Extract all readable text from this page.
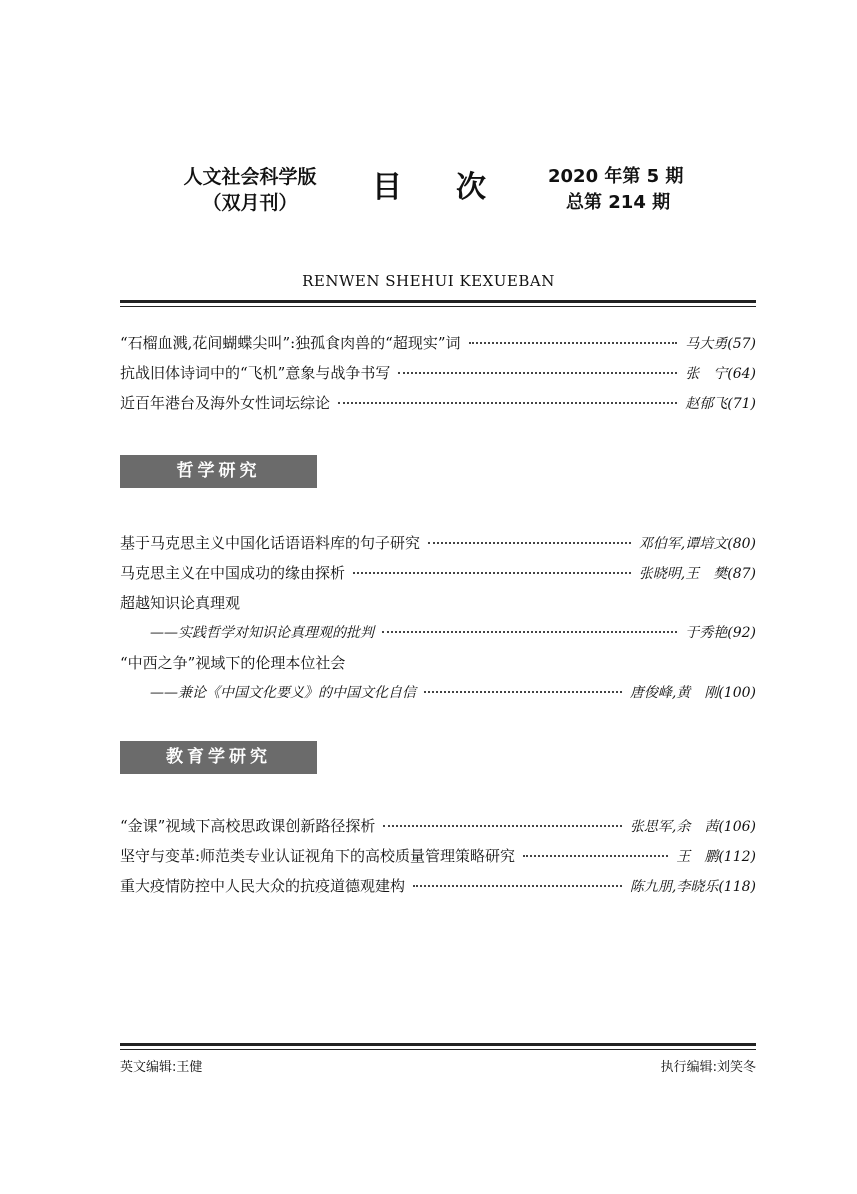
人文社会科学版
（双月刊）	目次 2020 年第 5 期
总第 214 期
RENWEN SHEHUI KEXUEBAN
“石榴血溅,花间蝴蝶尖叫”:独孤食肉兽的“超现实”词	马大勇(57)
抗战旧体诗词中的“飞机”意象与战争书写	张　宁(64)
近百年港台及海外女性词坛综论	赵郁飞(71)
哲学研究
基于马克思主义中国化话语语料库的句子研究	邓伯军,谭培文(80)
马克思主义在中国成功的缘由探析	张晓明,王　樊(87)
超越知识论真理观
——实践哲学对知识论真理观的批判	于秀艳(92)
“中西之争”视域下的伦理本位社会
——兼论《中国文化要义》的中国文化自信	唐俊峰,黄　刚(100)
教育学研究
“金课”视域下高校思政课创新路径探析	张思军,余　茜(106)
坚守与变革:师范类专业认证视角下的高校质量管理策略研究	王　鹏(112)
重大疫情防控中人民大众的抗疫道德观建构	陈九朋,李晓乐(118)
英文编辑:王健	执行编辑:刘笑冬
